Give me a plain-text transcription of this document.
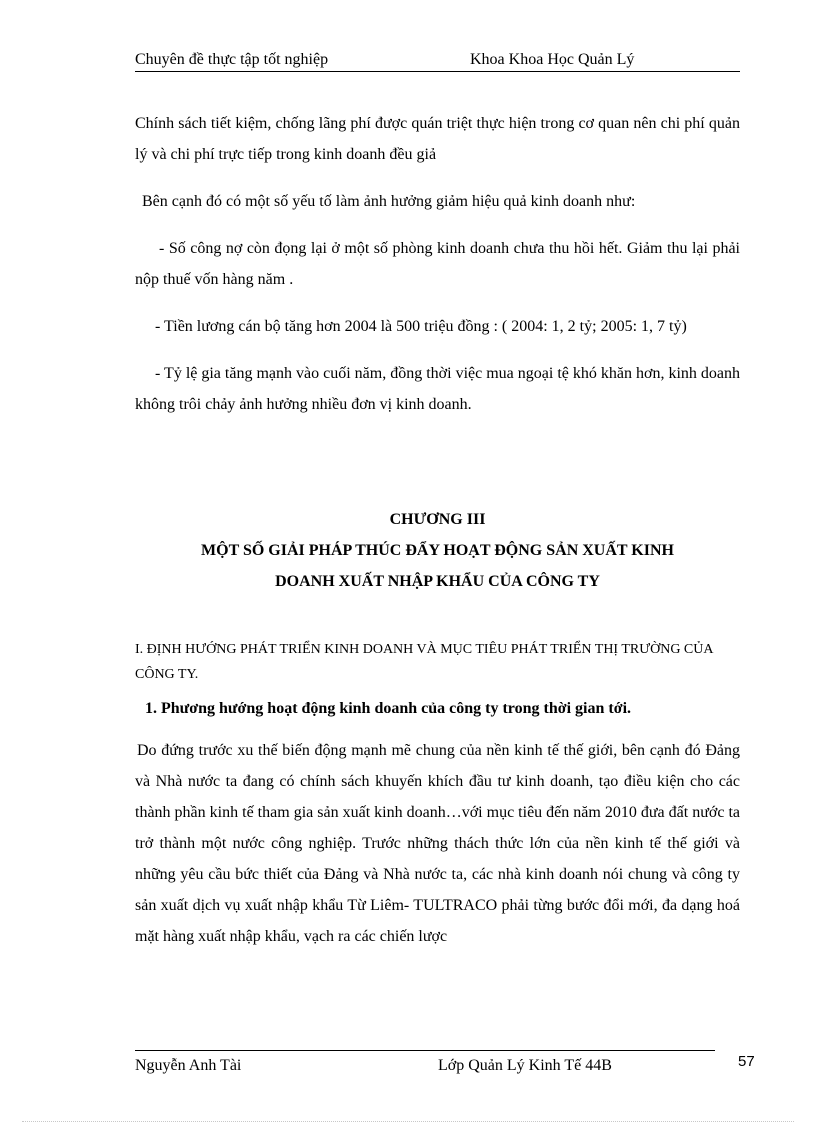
Chuyên đề thực tập tốt nghiệp	Khoa Khoa Học Quản Lý

Chính sách tiết kiệm, chống lãng phí được quán triệt thực hiện trong cơ quan nên chi phí quản lý và chi phí trực tiếp trong kinh doanh đều giả

Bên cạnh đó có một số yếu tố làm ảnh hưởng giảm hiệu quả kinh doanh như:

- Số công nợ còn đọng lại ở một số phòng kinh doanh chưa thu hồi hết. Giảm thu lại phải nộp thuế vốn hàng năm .

- Tiền lương cán bộ tăng hơn 2004 là 500 triệu đồng : ( 2004: 1, 2 tỷ; 2005: 1, 7 tỷ)

- Tỷ lệ gia tăng mạnh vào cuối năm, đồng thời việc mua ngoại tệ khó khăn hơn, kinh doanh không trôi chảy ảnh hưởng nhiều đơn vị kinh doanh.

CHƯƠNG III

MỘT SỐ GIẢI PHÁP THÚC ĐẨY HOẠT ĐỘNG SẢN XUẤT KINH

DOANH XUẤT NHẬP KHẨU CỦA CÔNG TY

I. ĐỊNH HƯỚNG PHÁT TRIỂN KINH DOANH VÀ MỤC TIÊU PHÁT TRIỂN THỊ TRƯỜNG CỦA CÔNG TY.

1. Phương hướng hoạt động kinh doanh của công ty trong thời gian tới.

Do đứng trước xu thế biến động mạnh mẽ chung của nền kinh tế thế giới, bên cạnh đó Đảng và Nhà nước ta đang có chính sách khuyến khích đầu tư kinh doanh, tạo điều kiện cho các thành phần kinh tế tham gia sản xuất kinh doanh…với mục tiêu đến năm 2010 đưa đất nước ta trở thành một nước công nghiệp. Trước những thách thức lớn của nền kinh tế thế giới và những yêu cầu bức thiết của Đảng và Nhà nước ta, các nhà kinh doanh nói chung và công ty sản xuất dịch vụ xuất nhập khẩu Từ Liêm- TULTRACO phải từng bước đổi mới, đa dạng hoá mặt hàng xuất nhập khẩu, vạch ra các chiến lược

Nguyễn Anh Tài	Lớp Quản Lý Kinh Tế 44B	57
